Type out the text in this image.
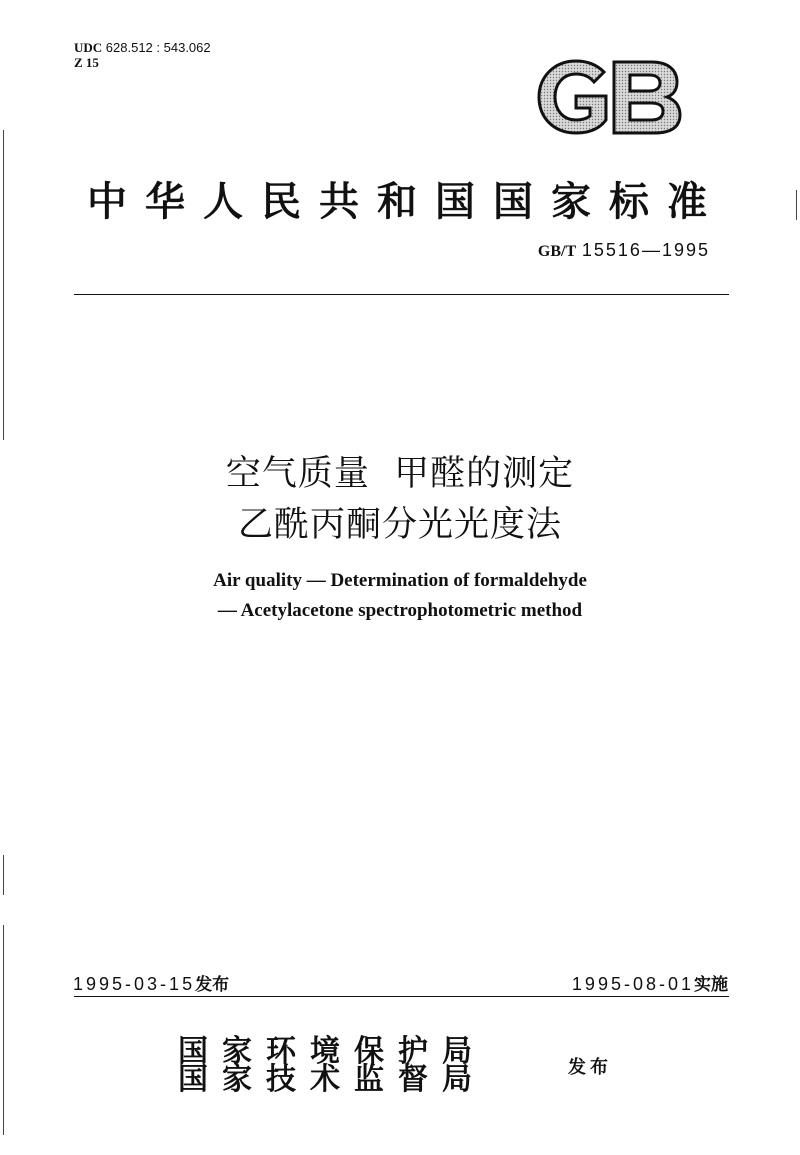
UDC 628.512 : 543.062
Z 15
中华人民共和国国家标准
GB/T 15516—1995
空气质量  甲醛的测定
乙酰丙酮分光光度法
Air quality — Determination of formaldehyde
— Acetylacetone spectrophotometric method
1995-03-15发布	1995-08-01实施
国家环境保护局
国家技术监督局	发布
